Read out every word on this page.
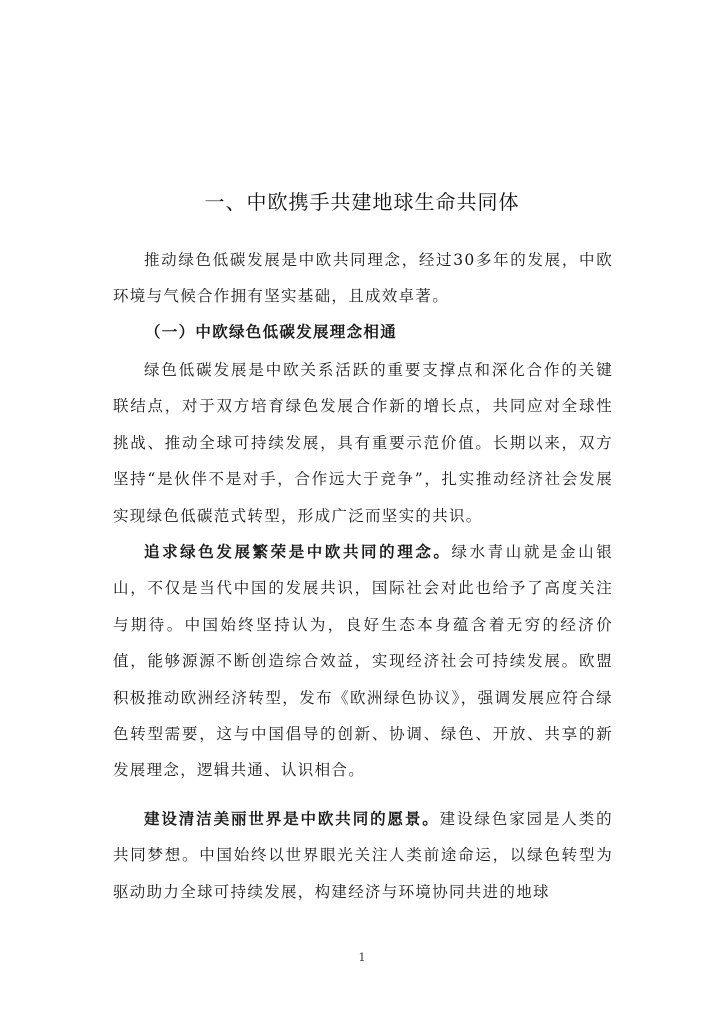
一、中欧携手共建地球生命共同体
推动绿色低碳发展是中欧共同理念，经过30多年的发展，中欧环境与气候合作拥有坚实基础，且成效卓著。
（一）中欧绿色低碳发展理念相通
绿色低碳发展是中欧关系活跃的重要支撑点和深化合作的关键联结点，对于双方培育绿色发展合作新的增长点，共同应对全球性挑战、推动全球可持续发展，具有重要示范价值。长期以来，双方坚持“是伙伴不是对手，合作远大于竞争”，扎实推动经济社会发展实现绿色低碳范式转型，形成广泛而坚实的共识。
追求绿色发展繁荣是中欧共同的理念。绿水青山就是金山银山，不仅是当代中国的发展共识，国际社会对此也给予了高度关注与期待。中国始终坚持认为，良好生态本身蕴含着无穷的经济价值，能够源源不断创造综合效益，实现经济社会可持续发展。欧盟积极推动欧洲经济转型，发布《欧洲绿色协议》，强调发展应符合绿色转型需要，这与中国倡导的创新、协调、绿色、开放、共享的新发展理念，逻辑共通、认识相合。
建设清洁美丽世界是中欧共同的愿景。建设绿色家园是人类的共同梦想。中国始终以世界眼光关注人类前途命运，以绿色转型为驱动助力全球可持续发展，构建经济与环境协同共进的地球
1
